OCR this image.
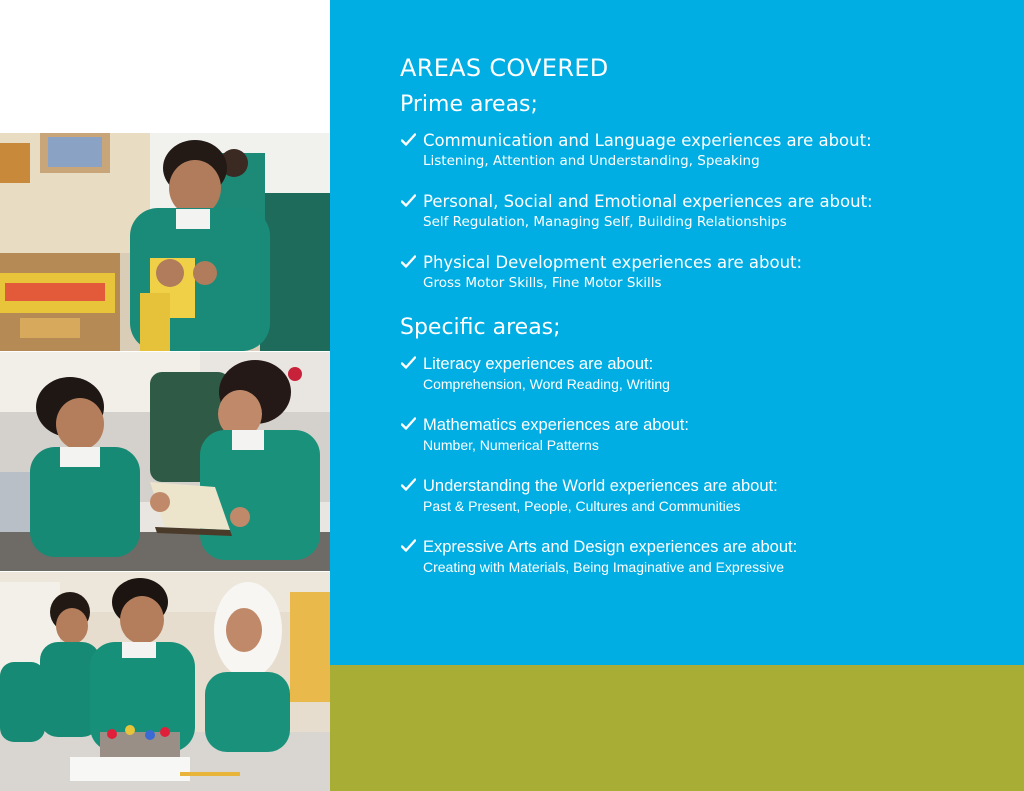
AREAS COVERED
Prime areas;
Communication and Language experiences are about:
Listening, Attention and Understanding, Speaking
Personal, Social and Emotional experiences are about:
Self Regulation, Managing Self, Building Relationships
Physical Development experiences are about:
Gross Motor Skills, Fine Motor Skills
Specific areas;
Literacy experiences are about:
Comprehension, Word Reading, Writing
Mathematics experiences are about:
Number, Numerical Patterns
Understanding the World experiences are about:
Past & Present, People, Cultures and Communities
Expressive Arts and Design experiences are about:
Creating with Materials, Being Imaginative and Expressive
